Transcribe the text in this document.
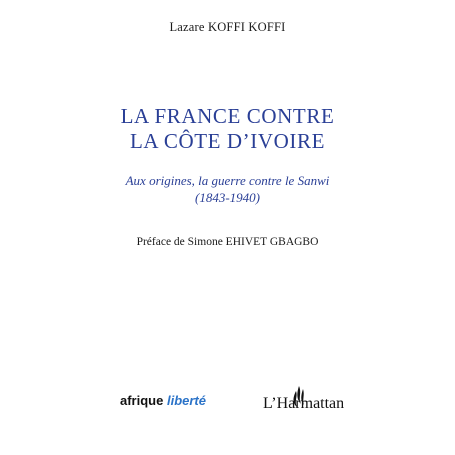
Lazare KOFFI KOFFI
LA FRANCE CONTRE
LA CÔTE D’IVOIRE
Aux origines, la guerre contre le Sanwi
(1843-1940)
Préface de Simone EHIVET GBAGBO
afrique liberté	L’Harmattan
